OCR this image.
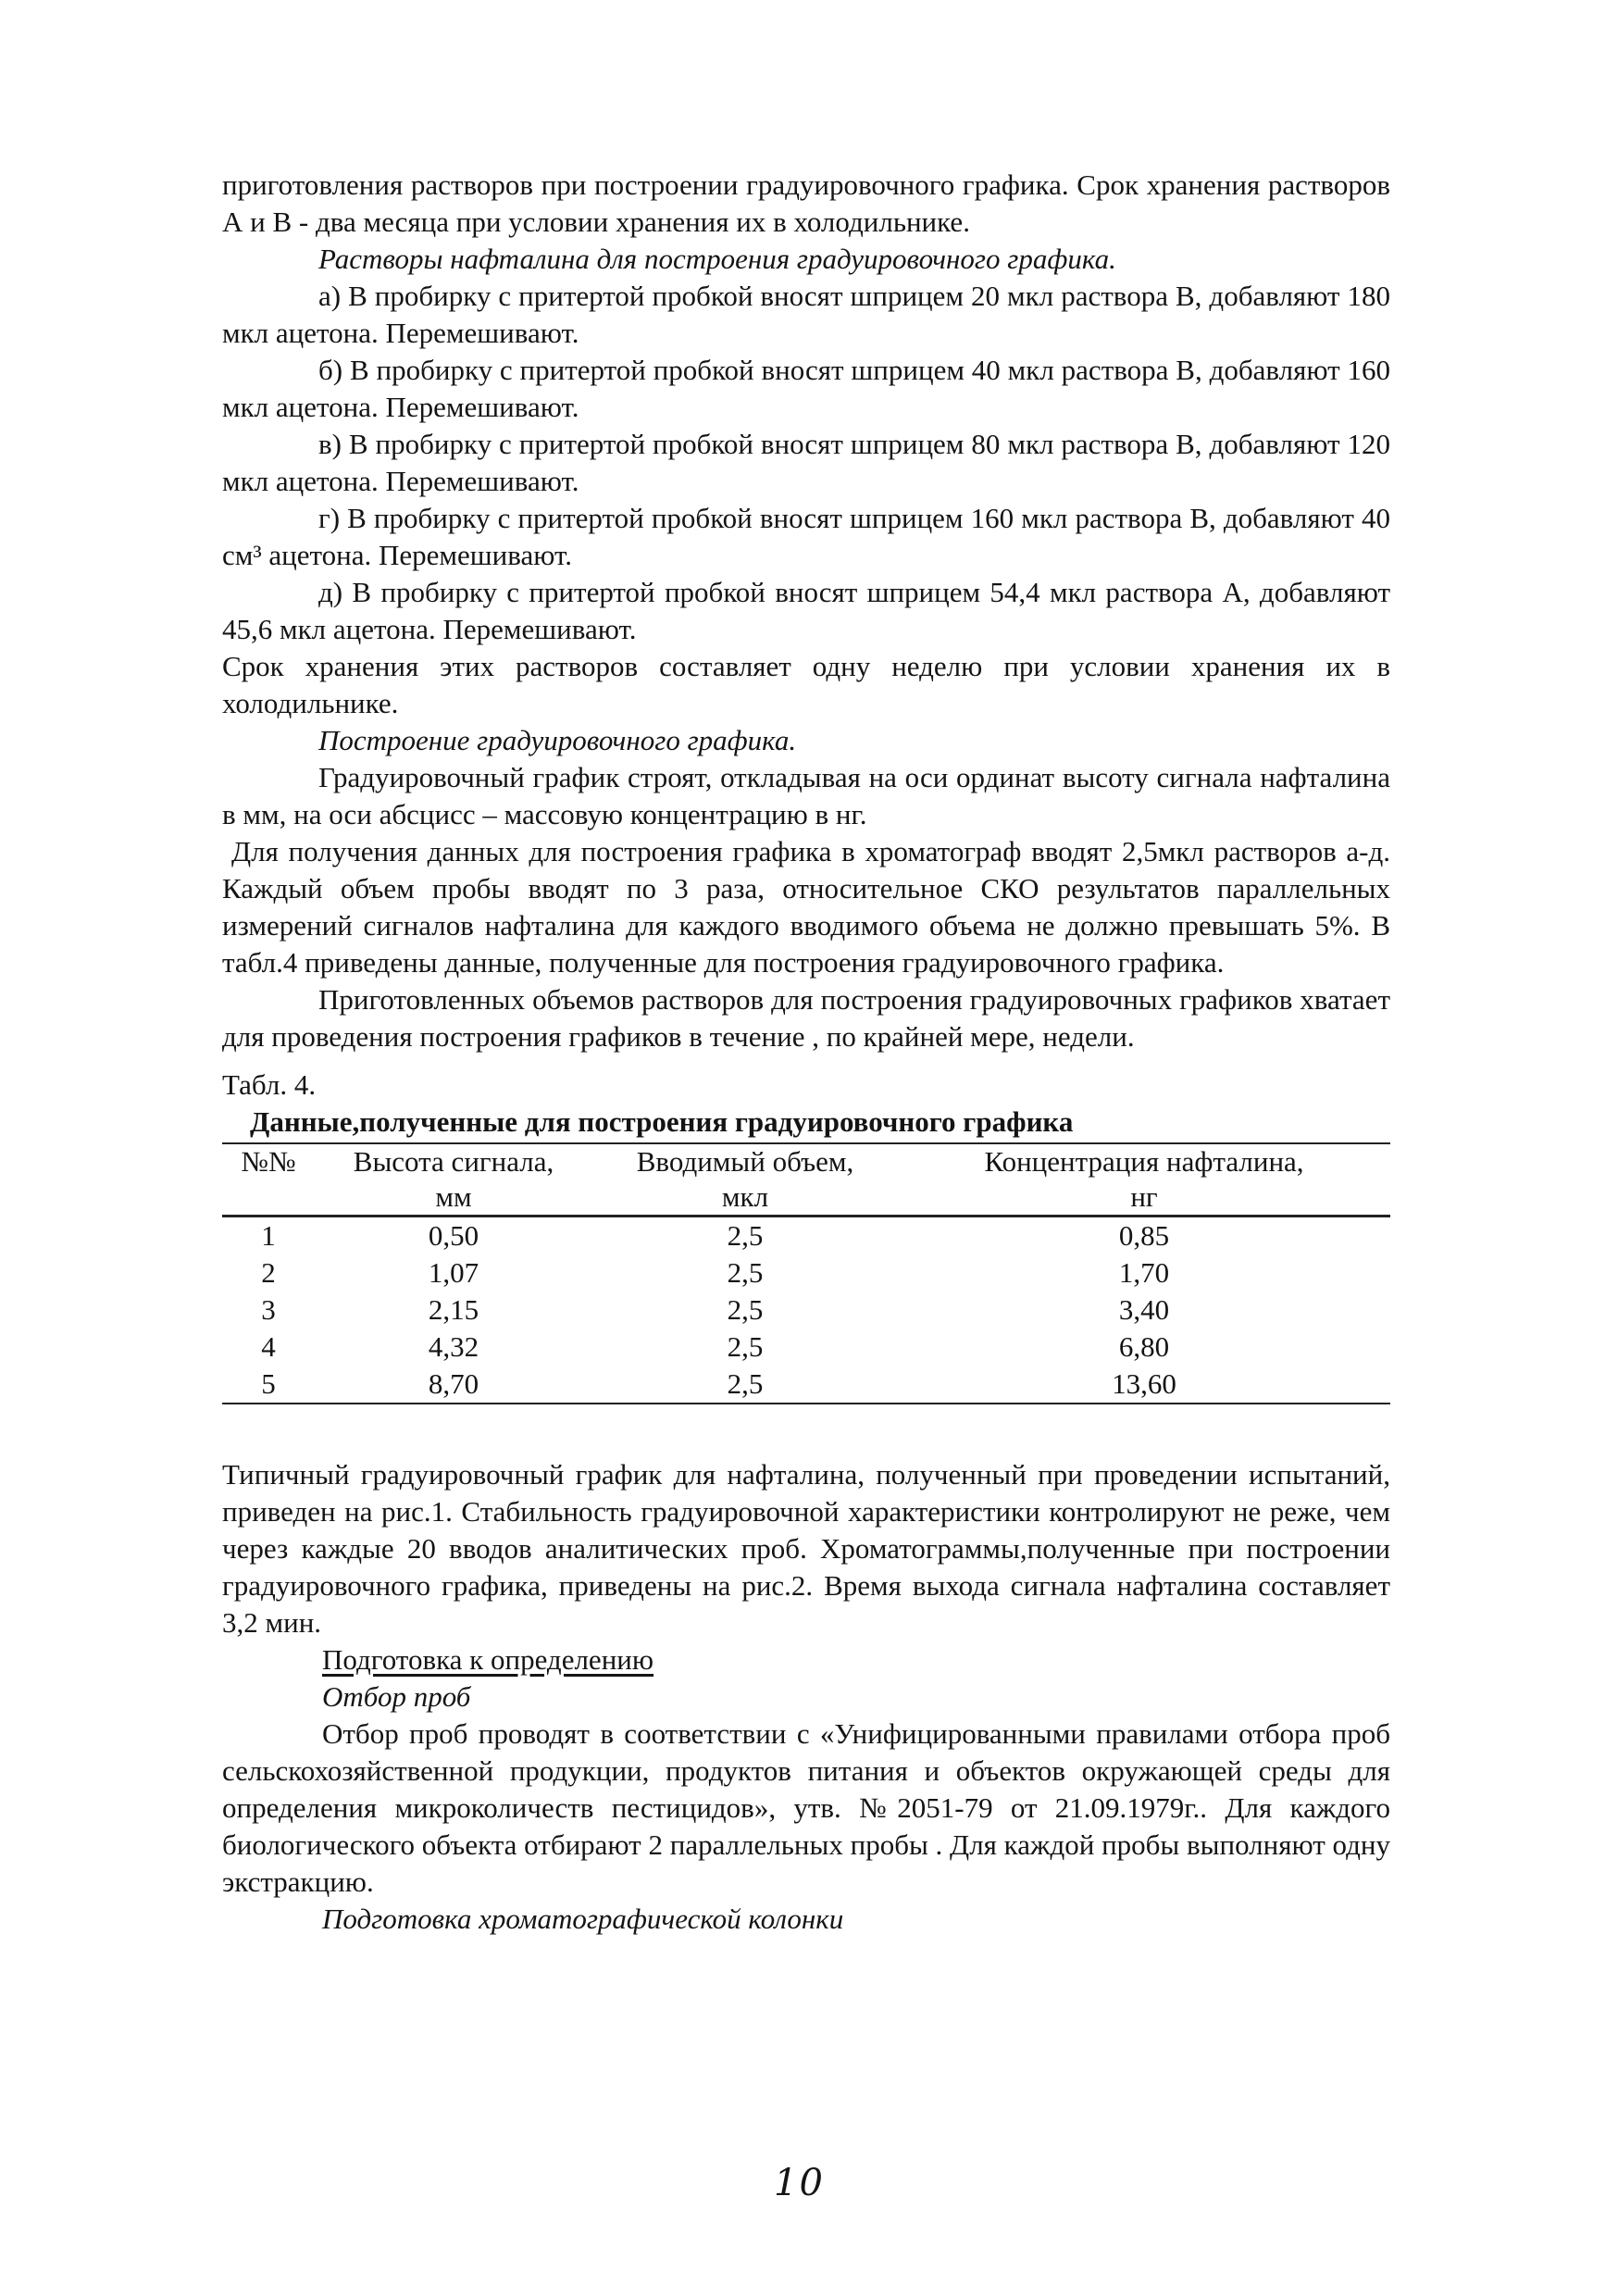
приготовления растворов при построении градуировочного графика. Срок хранения растворов А и В - два месяца при условии хранения их в холодильнике.

Растворы нафталина для построения градуировочного графика.

а) В пробирку с притертой пробкой вносят шприцем 20 мкл раствора В, добавляют 180 мкл ацетона. Перемешивают.

б) В пробирку с притертой пробкой вносят шприцем 40 мкл раствора В, добавляют 160 мкл ацетона. Перемешивают.

в) В пробирку с притертой пробкой вносят шприцем 80 мкл раствора В, добавляют 120 мкл ацетона. Перемешивают.

г) В пробирку с притертой пробкой вносят шприцем 160 мкл раствора В, добавляют 40 см³ ацетона. Перемешивают.

д) В пробирку с притертой пробкой вносят шприцем 54,4 мкл раствора А, добавляют 45,6 мкл ацетона. Перемешивают.

Срок хранения этих растворов составляет одну неделю при условии хранения их в холодильнике.

Построение градуировочного графика.

Градуировочный график строят, откладывая на оси ординат высоту сигнала нафталина в мм, на оси абсцисс – массовую концентрацию в нг.

Для получения данных для построения графика в хроматограф вводят 2,5мкл растворов а-д. Каждый объем пробы вводят по 3 раза, относительное СКО результатов параллельных измерений сигналов нафталина для каждого вводимого объема не должно превышать 5%. В табл.4 приведены данные, полученные для построения градуировочного графика.

Приготовленных объемов растворов для построения градуировочных графиков хватает для проведения построения графиков в течение , по крайней мере, недели.

Табл. 4.

Данные,полученные для построения градуировочного графика

№№	Высота сигнала,	Вводимый объем,	Концентрация нафталина,
	мм	мкл	нг
1	0,50	2,5	0,85
2	1,07	2,5	1,70
3	2,15	2,5	3,40
4	4,32	2,5	6,80
5	8,70	2,5	13,60

Типичный градуировочный график для нафталина, полученный при проведении испытаний, приведен на рис.1. Стабильность градуировочной характеристики контролируют не реже, чем через каждые 20 вводов аналитических проб. Хроматограммы,полученные при построении градуировочного графика, приведены на рис.2. Время выхода сигнала нафталина составляет 3,2 мин.

Подготовка к определению

Отбор проб

Отбор проб проводят в соответствии с «Унифицированными правилами отбора проб сельскохозяйственной продукции, продуктов питания и объектов окружающей среды для определения микроколичеств пестицидов», утв. №2051-79 от 21.09.1979г.. Для каждого биологического объекта отбирают 2 параллельных пробы . Для каждой пробы выполняют одну экстракцию.

Подготовка хроматографической колонки

10
